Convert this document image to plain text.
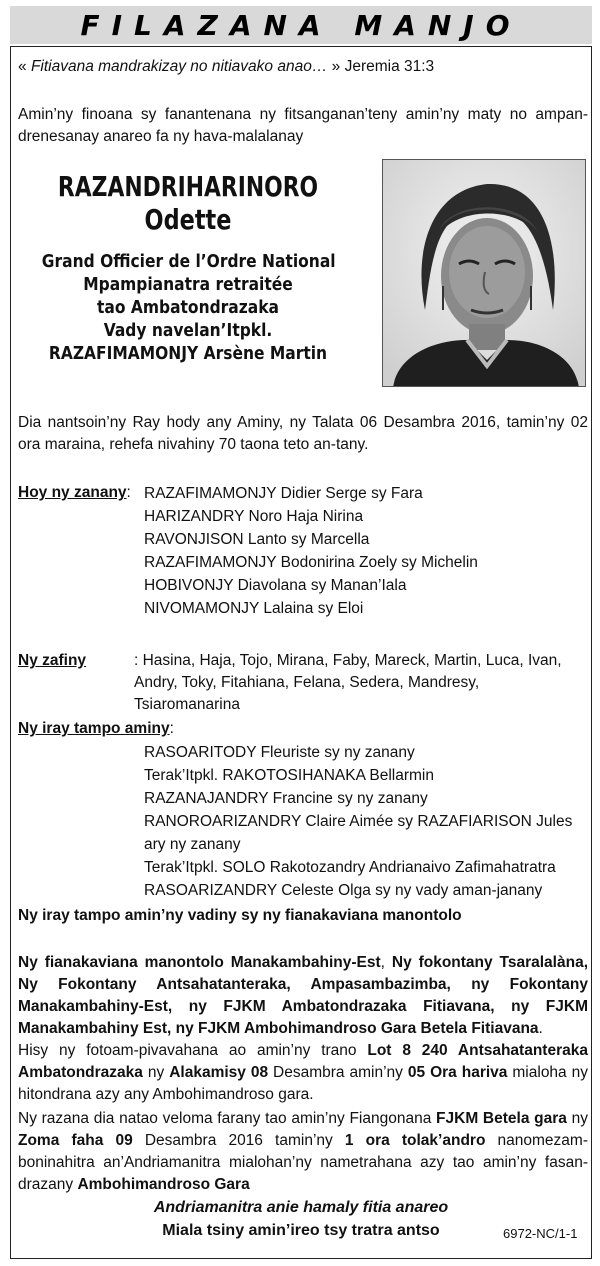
FILAZANA MANJO
« Fitiavana mandrakizay no nitiavako anao… » Jeremia 31:3
Amin’ny finoana sy fanantenana ny fitsanganan’teny amin’ny maty no ampan-drenesanay anareo fa ny hava-malalanay
RAZANDRIHARINORO
Odette
Grand Officier de l’Ordre National
Mpampianatra retraitée
tao Ambatondrazaka
Vady navelan’Itpkl.
RAZAFIMAMONJY Arsène Martin
Dia nantsoin’ny Ray hody any Aminy, ny Talata 06 Desambra 2016, tamin’ny 02 ora maraina, rehefa nivahiny 70 taona teto an-tany.
Hoy ny zanany: RAZAFIMAMONJY Didier Serge sy Fara
HARIZANDRY Noro Haja Nirina
RAVONJISON Lanto sy Marcella
RAZAFIMAMONJY Bodonirina Zoely sy Michelin
HOBIVONJY Diavolana sy Manan’Iala
NIVOMAMONJY Lalaina sy Eloi
Ny zafiny	: Hasina, Haja, Tojo, Mirana, Faby, Mareck, Martin, Luca, Ivan, Andry, Toky, Fitahiana, Felana, Sedera, Mandresy, Tsiaromanarina
Ny iray tampo aminy:
RASOARITODY Fleuriste sy ny zanany
Terak’Itpkl. RAKOTOSIHANAKA Bellarmin
RAZANAJANDRY Francine sy ny zanany
RANOROARIZANDRY Claire Aimée sy RAZAFIARISON Jules ary ny zanany
Terak’Itpkl. SOLO Rakotozandry Andrianaivo Zafimahatratra
RASOARIZANDRY Celeste Olga sy ny vady aman-janany
Ny iray tampo amin’ny vadiny sy ny fianakaviana manontolo
Ny fianakaviana manontolo Manakambahiny-Est, Ny fokontany Tsaralalàna, Ny Fokontany Antsahatanteraka, Ampasambazimba, ny Fokontany Manakambahiny-Est, ny FJKM Ambatondrazaka Fitiavana, ny FJKM Manakambahiny Est, ny FJKM Ambohimandroso Gara Betela Fitiavana.
Hisy ny fotoam-pivavahana ao amin’ny trano Lot 8 240 Antsahatanteraka Ambatondrazaka ny Alakamisy 08 Desambra amin’ny 05 Ora hariva mialoha ny hitondrana azy any Ambohimandroso gara.
Ny razana dia natao veloma farany tao amin’ny Fiangonana FJKM Betela gara ny Zoma faha 09 Desambra 2016 tamin’ny 1 ora tolak’andro nanomezam-boninahitra an’Andriamanitra mialohan’ny nametrahana azy tao amin’ny fasan-drazany Ambohimandroso Gara
Andriamanitra anie hamaly fitia anareo
Miala tsiny amin’ireo tsy tratra antso	6972-NC/1-1
